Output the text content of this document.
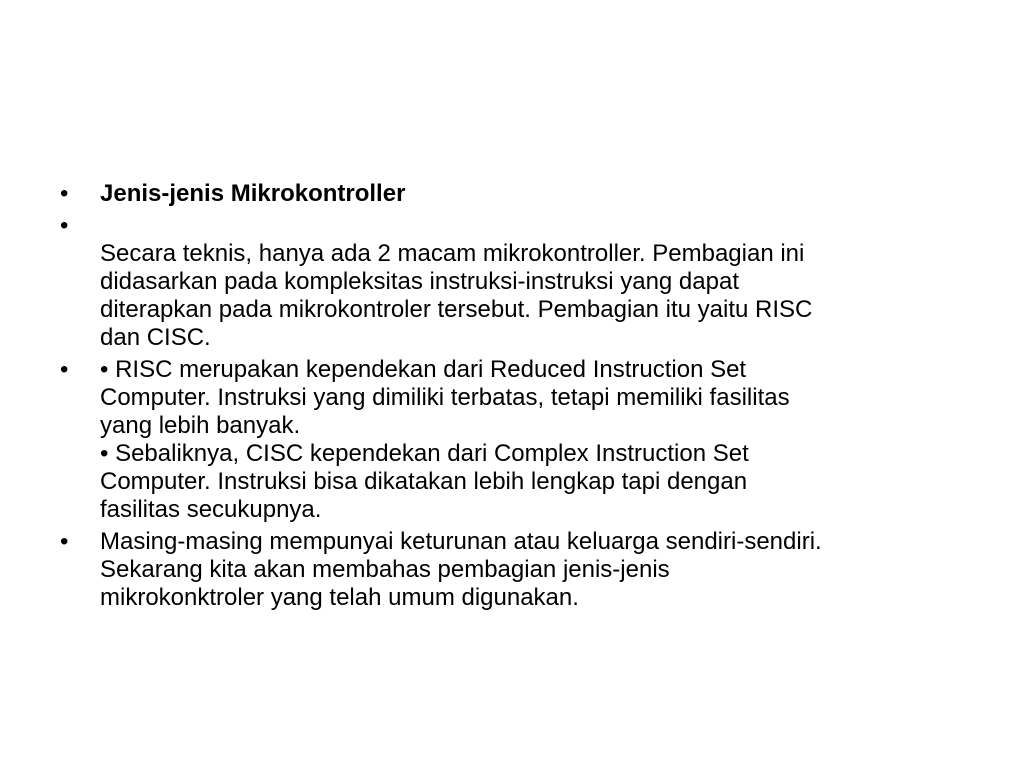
•	Jenis-jenis Mikrokontroller
•

Secara teknis, hanya ada 2 macam mikrokontroller. Pembagian ini
didasarkan pada kompleksitas instruksi-instruksi yang dapat
diterapkan pada mikrokontroler tersebut. Pembagian itu yaitu RISC
dan CISC.
•	• RISC merupakan kependekan dari Reduced Instruction Set
Computer. Instruksi yang dimiliki terbatas, tetapi memiliki fasilitas
yang lebih banyak.
• Sebaliknya, CISC kependekan dari Complex Instruction Set
Computer. Instruksi bisa dikatakan lebih lengkap tapi dengan
fasilitas secukupnya.
•	Masing-masing mempunyai keturunan atau keluarga sendiri-sendiri.
Sekarang kita akan membahas pembagian jenis-jenis
mikrokonktroler yang telah umum digunakan.
